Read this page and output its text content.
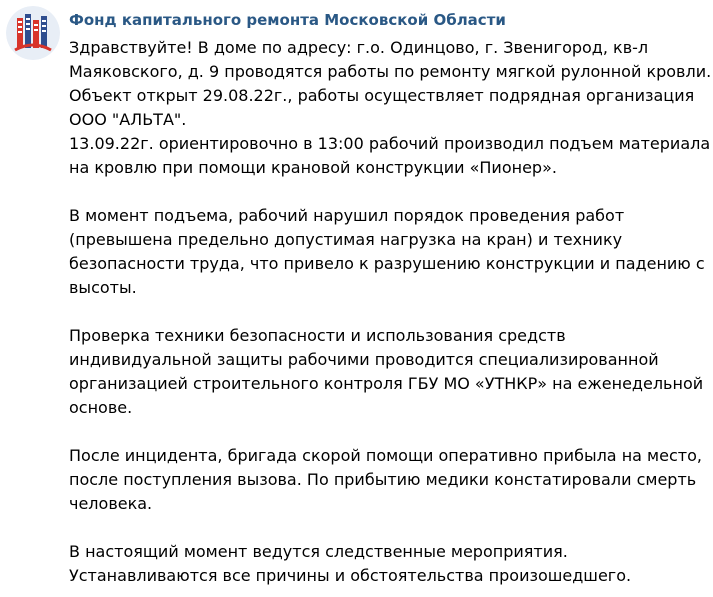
Фонд капитального ремонта Московской Области
Здравствуйте! В доме по адресу: г.о. Одинцово, г. Звенигород, кв-л
Маяковского, д. 9 проводятся работы по ремонту мягкой рулонной кровли.
Объект открыт 29.08.22г., работы осуществляет подрядная организация
ООО "АЛЬТА".
13.09.22г. ориентировочно в 13:00 рабочий производил подъем материала
на кровлю при помощи крановой конструкции «Пионер».
В момент подъема, рабочий нарушил порядок проведения работ
(превышена предельно допустимая нагрузка на кран) и технику
безопасности труда, что привело к разрушению конструкции и падению с
высоты.
Проверка техники безопасности и использования средств
индивидуальной защиты рабочими проводится специализированной
организацией строительного контроля ГБУ МО «УТНКР» на еженедельной
основе.
После инцидента, бригада скорой помощи оперативно прибыла на место,
после поступления вызова. По прибытию медики констатировали смерть
человека.
В настоящий момент ведутся следственные мероприятия.
Устанавливаются все причины и обстоятельства произошедшего.
